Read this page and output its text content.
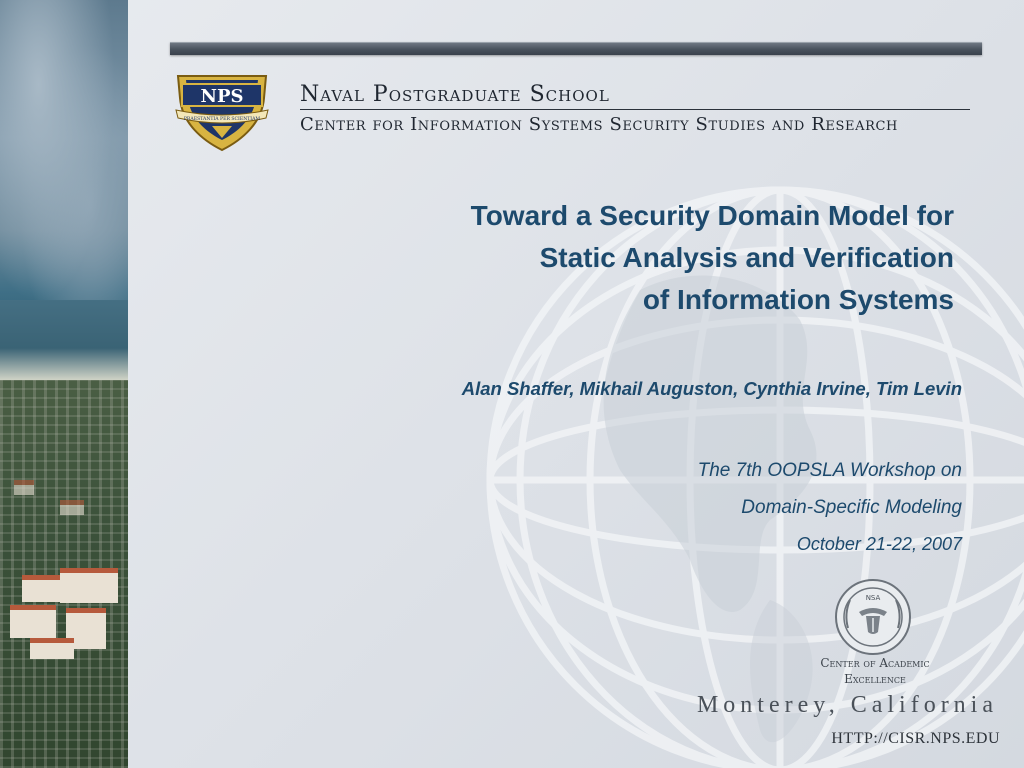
NPS
PRAESTANTIA PER SCIENTIAM
Naval Postgraduate School
Center for Information Systems Security Studies and Research
Toward a Security Domain Model for
Static Analysis and Verification
of Information Systems
Alan Shaffer, Mikhail Auguston, Cynthia Irvine, Tim Levin
The 7th OOPSLA Workshop on
Domain-Specific Modeling
October 21-22, 2007
NSA
Center of Academic
Excellence
Monterey, California
HTTP://CISR.NPS.EDU
